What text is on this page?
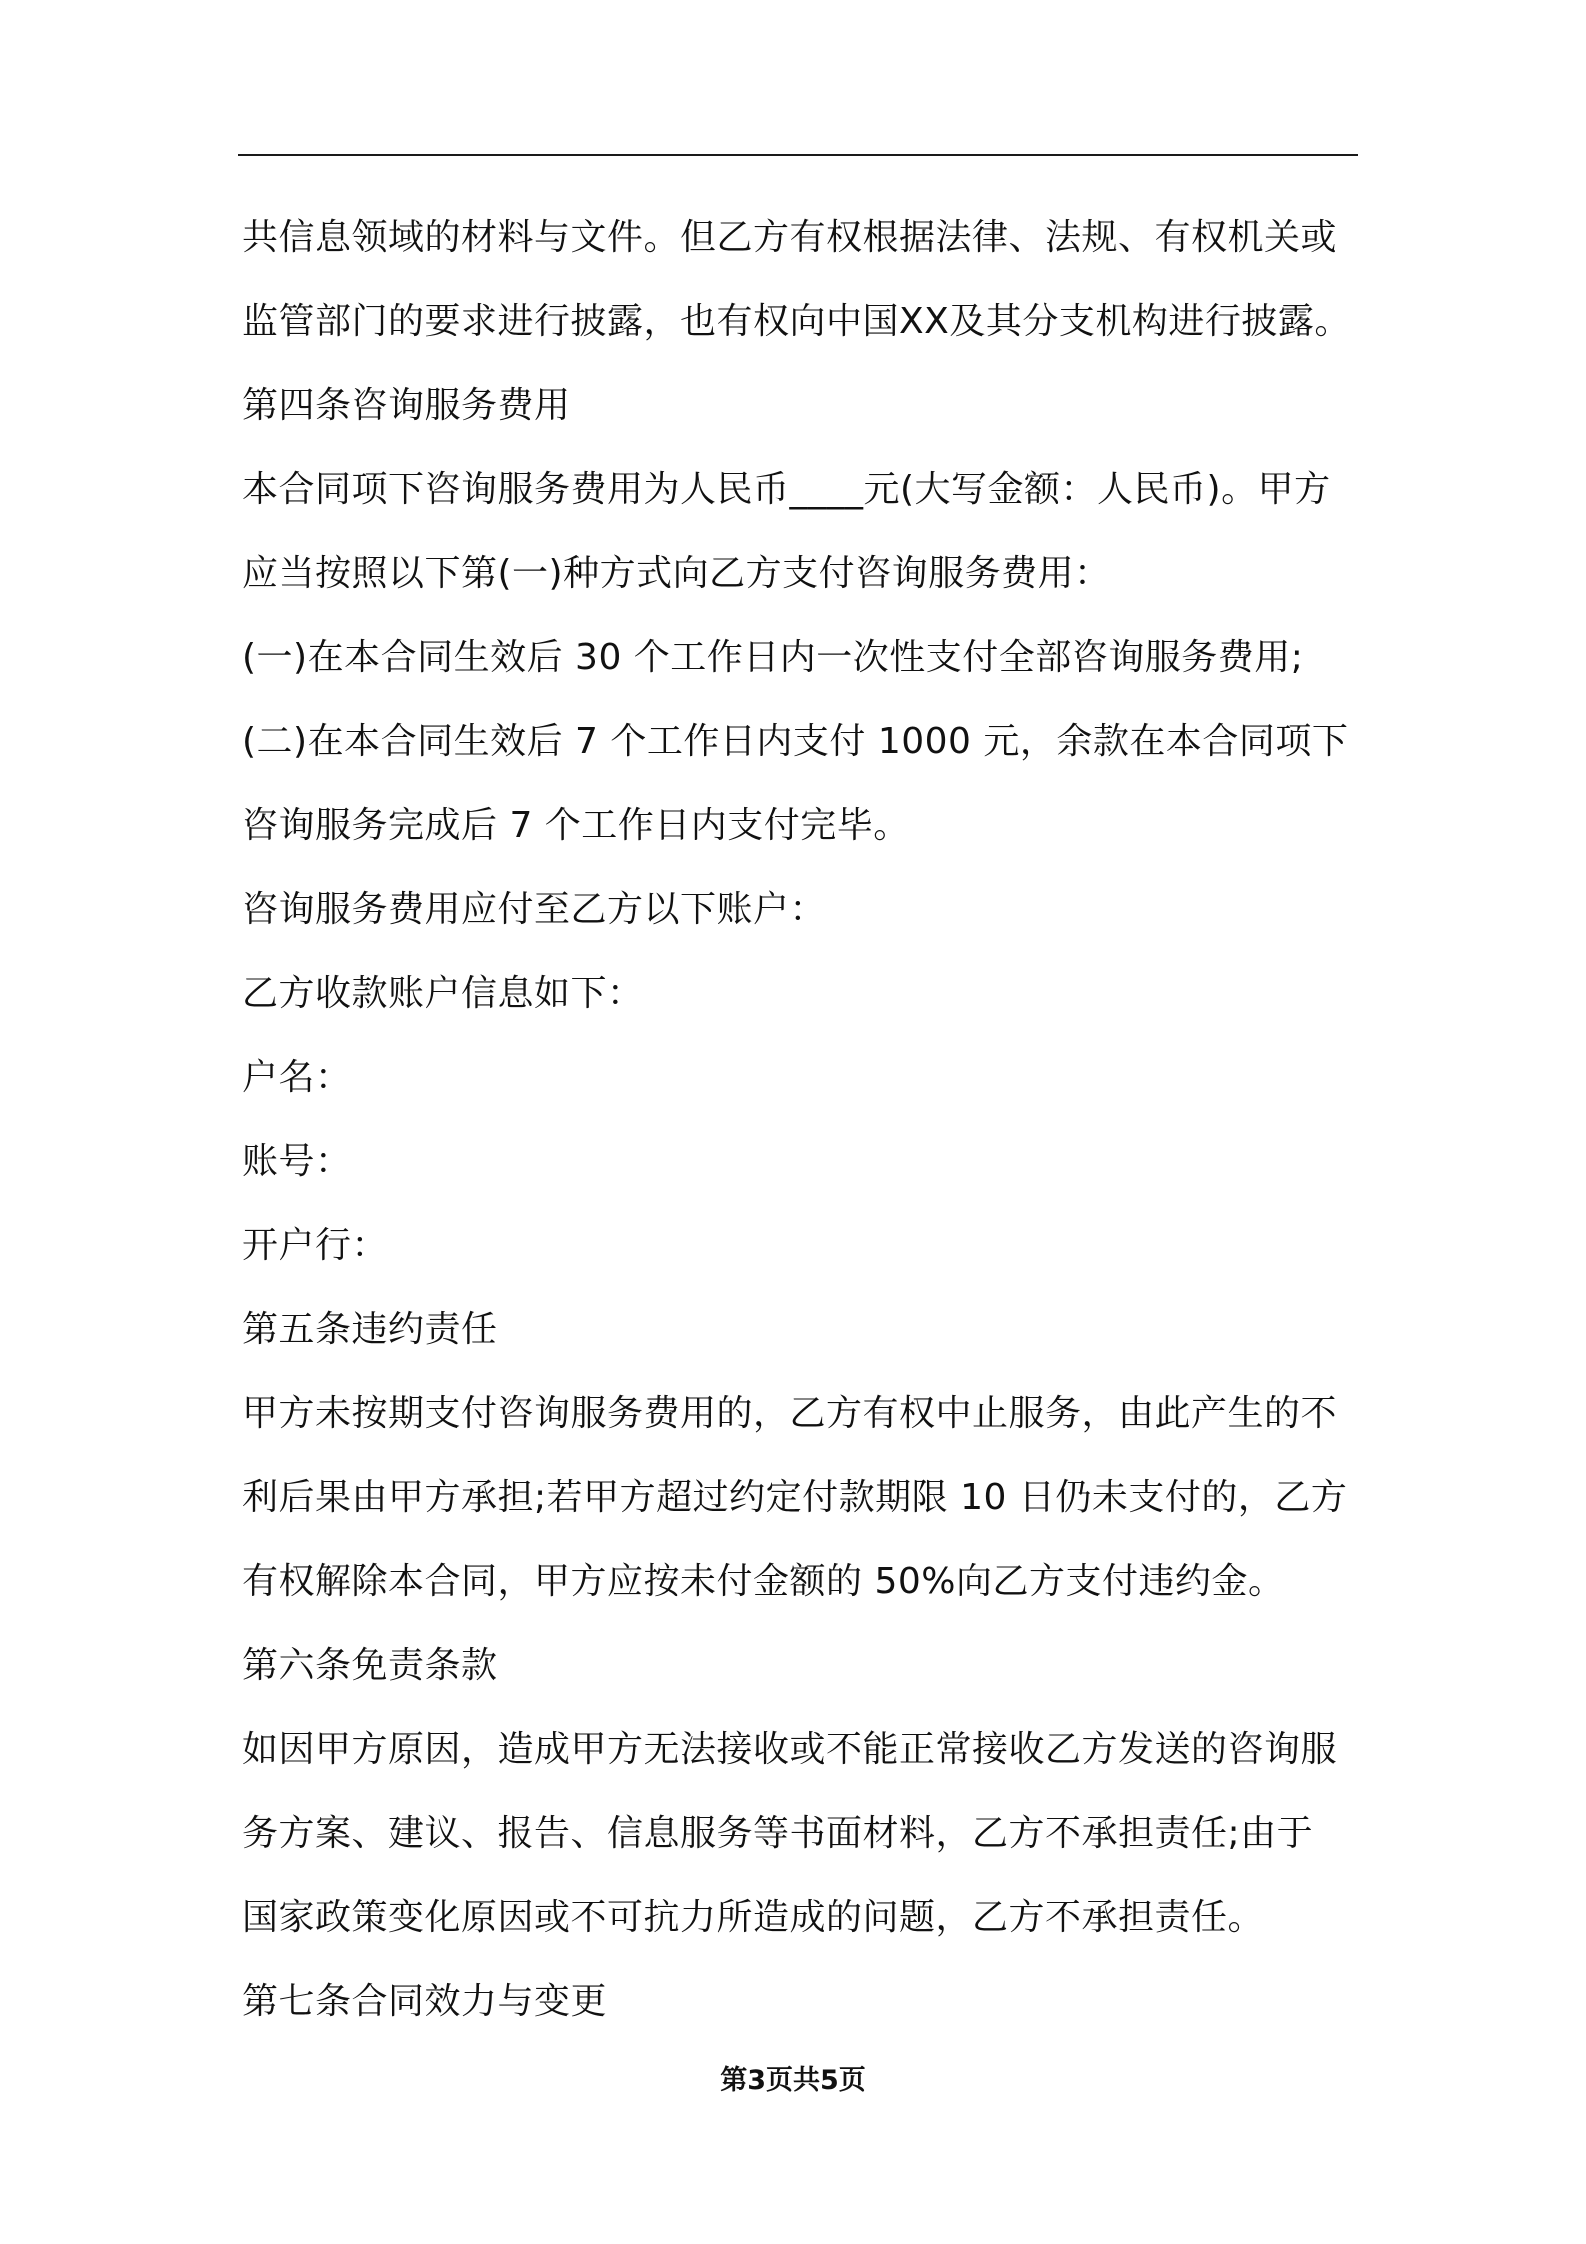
共信息领域的材料与文件。但乙方有权根据法律、法规、有权机关或
监管部门的要求进行披露，也有权向中国XX及其分支机构进行披露。
第四条咨询服务费用
本合同项下咨询服务费用为人民币____元(大写金额：人民币)。甲方
应当按照以下第(一)种方式向乙方支付咨询服务费用：
(一)在本合同生效后 30 个工作日内一次性支付全部咨询服务费用;
(二)在本合同生效后 7 个工作日内支付 1000 元，余款在本合同项下
咨询服务完成后 7 个工作日内支付完毕。
咨询服务费用应付至乙方以下账户：
乙方收款账户信息如下：
户名：
账号：
开户行：
第五条违约责任
甲方未按期支付咨询服务费用的，乙方有权中止服务，由此产生的不
利后果由甲方承担;若甲方超过约定付款期限 10 日仍未支付的，乙方
有权解除本合同，甲方应按未付金额的 50%向乙方支付违约金。
第六条免责条款
如因甲方原因，造成甲方无法接收或不能正常接收乙方发送的咨询服
务方案、建议、报告、信息服务等书面材料，乙方不承担责任;由于
国家政策变化原因或不可抗力所造成的问题，乙方不承担责任。
第七条合同效力与变更
第3页共5页
